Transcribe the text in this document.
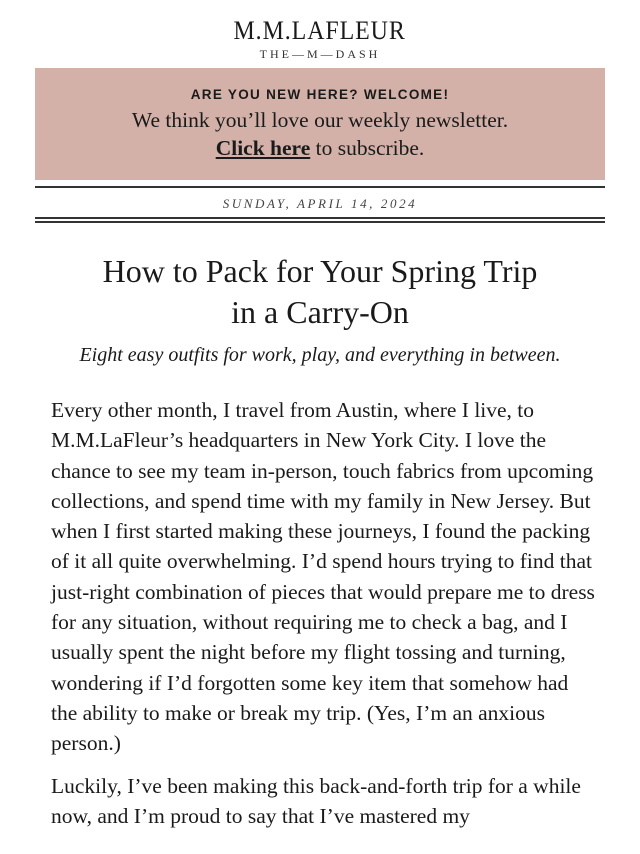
M.M.LAFLEUR
THE—M—DASH
ARE YOU NEW HERE? WELCOME!
We think you’ll love our weekly newsletter.
Click here to subscribe.
SUNDAY, APRIL 14, 2024
How to Pack for Your Spring Trip
in a Carry-On
Eight easy outfits for work, play, and everything in between.

Every other month, I travel from Austin, where I live, to M.M.LaFleur’s headquarters in New York City. I love the chance to see my team in-person, touch fabrics from upcoming collections, and spend time with my family in New Jersey. But when I first started making these journeys, I found the packing of it all quite overwhelming. I’d spend hours trying to find that just-right combination of pieces that would prepare me to dress for any situation, without requiring me to check a bag, and I usually spent the night before my flight tossing and turning, wondering if I’d forgotten some key item that somehow had the ability to make or break my trip. (Yes, I’m an anxious person.)

Luckily, I’ve been making this back-and-forth trip for a while now, and I’m proud to say that I’ve mastered my
